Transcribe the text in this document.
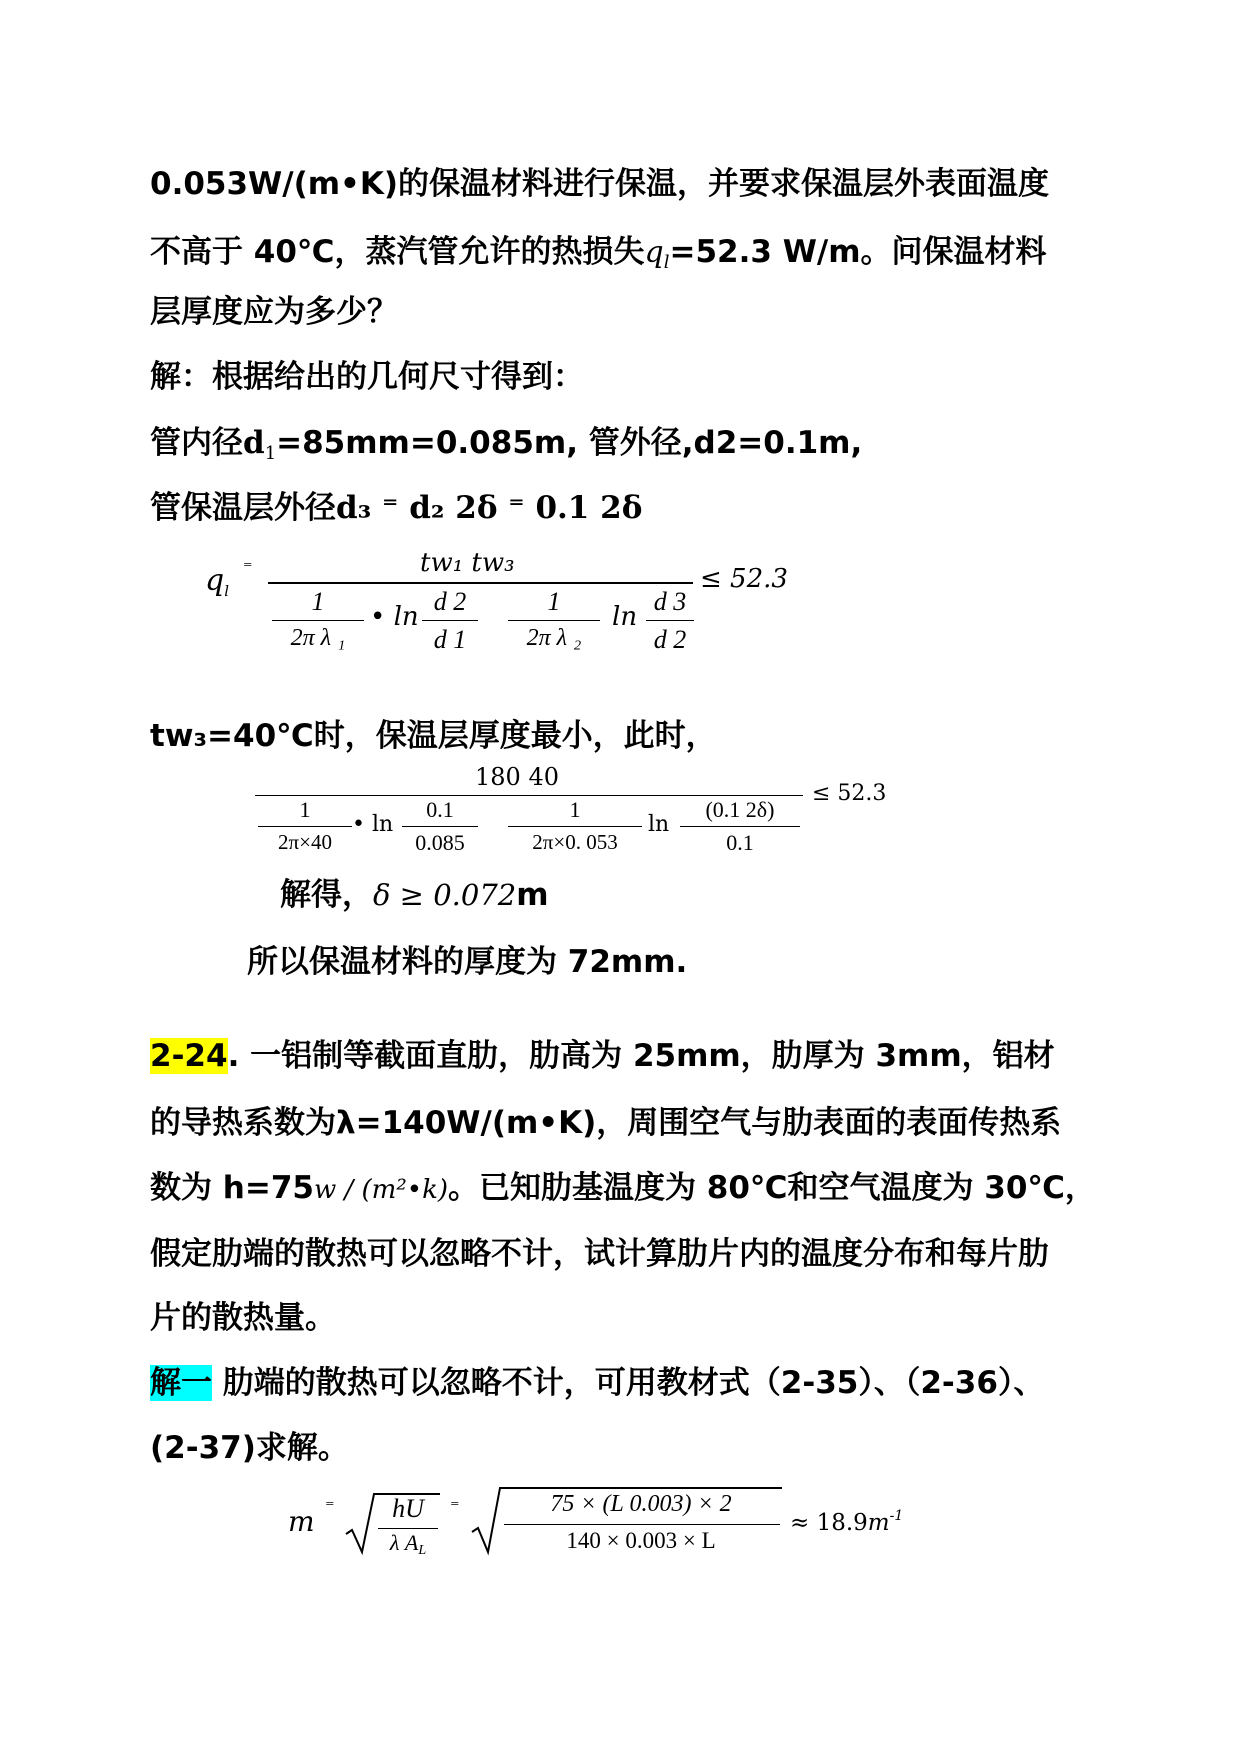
0.053W/(m•K)的保温材料进行保温，并要求保温层外表面温度
不高于 40℃，蒸汽管允许的热损失$q_l=52.3$ W/m。问保温材料
层厚度应为多少？
解：根据给出的几何尺寸得到：
管内径$d_1=85mm=0.085m$, 管外径,d2=0.1m,
管保温层外径d₃ ⁼ d₂ 2δ ⁼ 0.1 2δ
$q_l$
⁼	tw₁ tw₃
1
2π λ ₁
• ln
d 2
d 1
1
2π λ ₂
ln
d 3
d 2
≤ 52.3
tw₃=40℃时，保温层厚度最小，此时，
180 40
1
2π×40
• ln
0.1
0.085
1
2π×0. 053
ln
(0.1 2δ)
0.1
≤ 52.3
解得，δ ≥ 0.072m
所以保温材料的厚度为 72mm.
2-24. 一铝制等截面直肋，肋高为 25mm，肋厚为 3mm，铝材
的导热系数为λ=140W/(m•K)，周围空气与肋表面的表面传热系
数为 h=75w / (m²•k)。已知肋基温度为 80℃和空气温度为 30℃，
假定肋端的散热可以忽略不计，试计算肋片内的温度分布和每片肋
片的散热量。
解一 肋端的散热可以忽略不计，可用教材式（2-35）、（2-36）、
(2-37)求解。
m ⁼	hU
λ $A_L$
⁼	75 × (L 0.003) × 2
140 × 0.003 × L
≈ $18.9m^{-1}$
